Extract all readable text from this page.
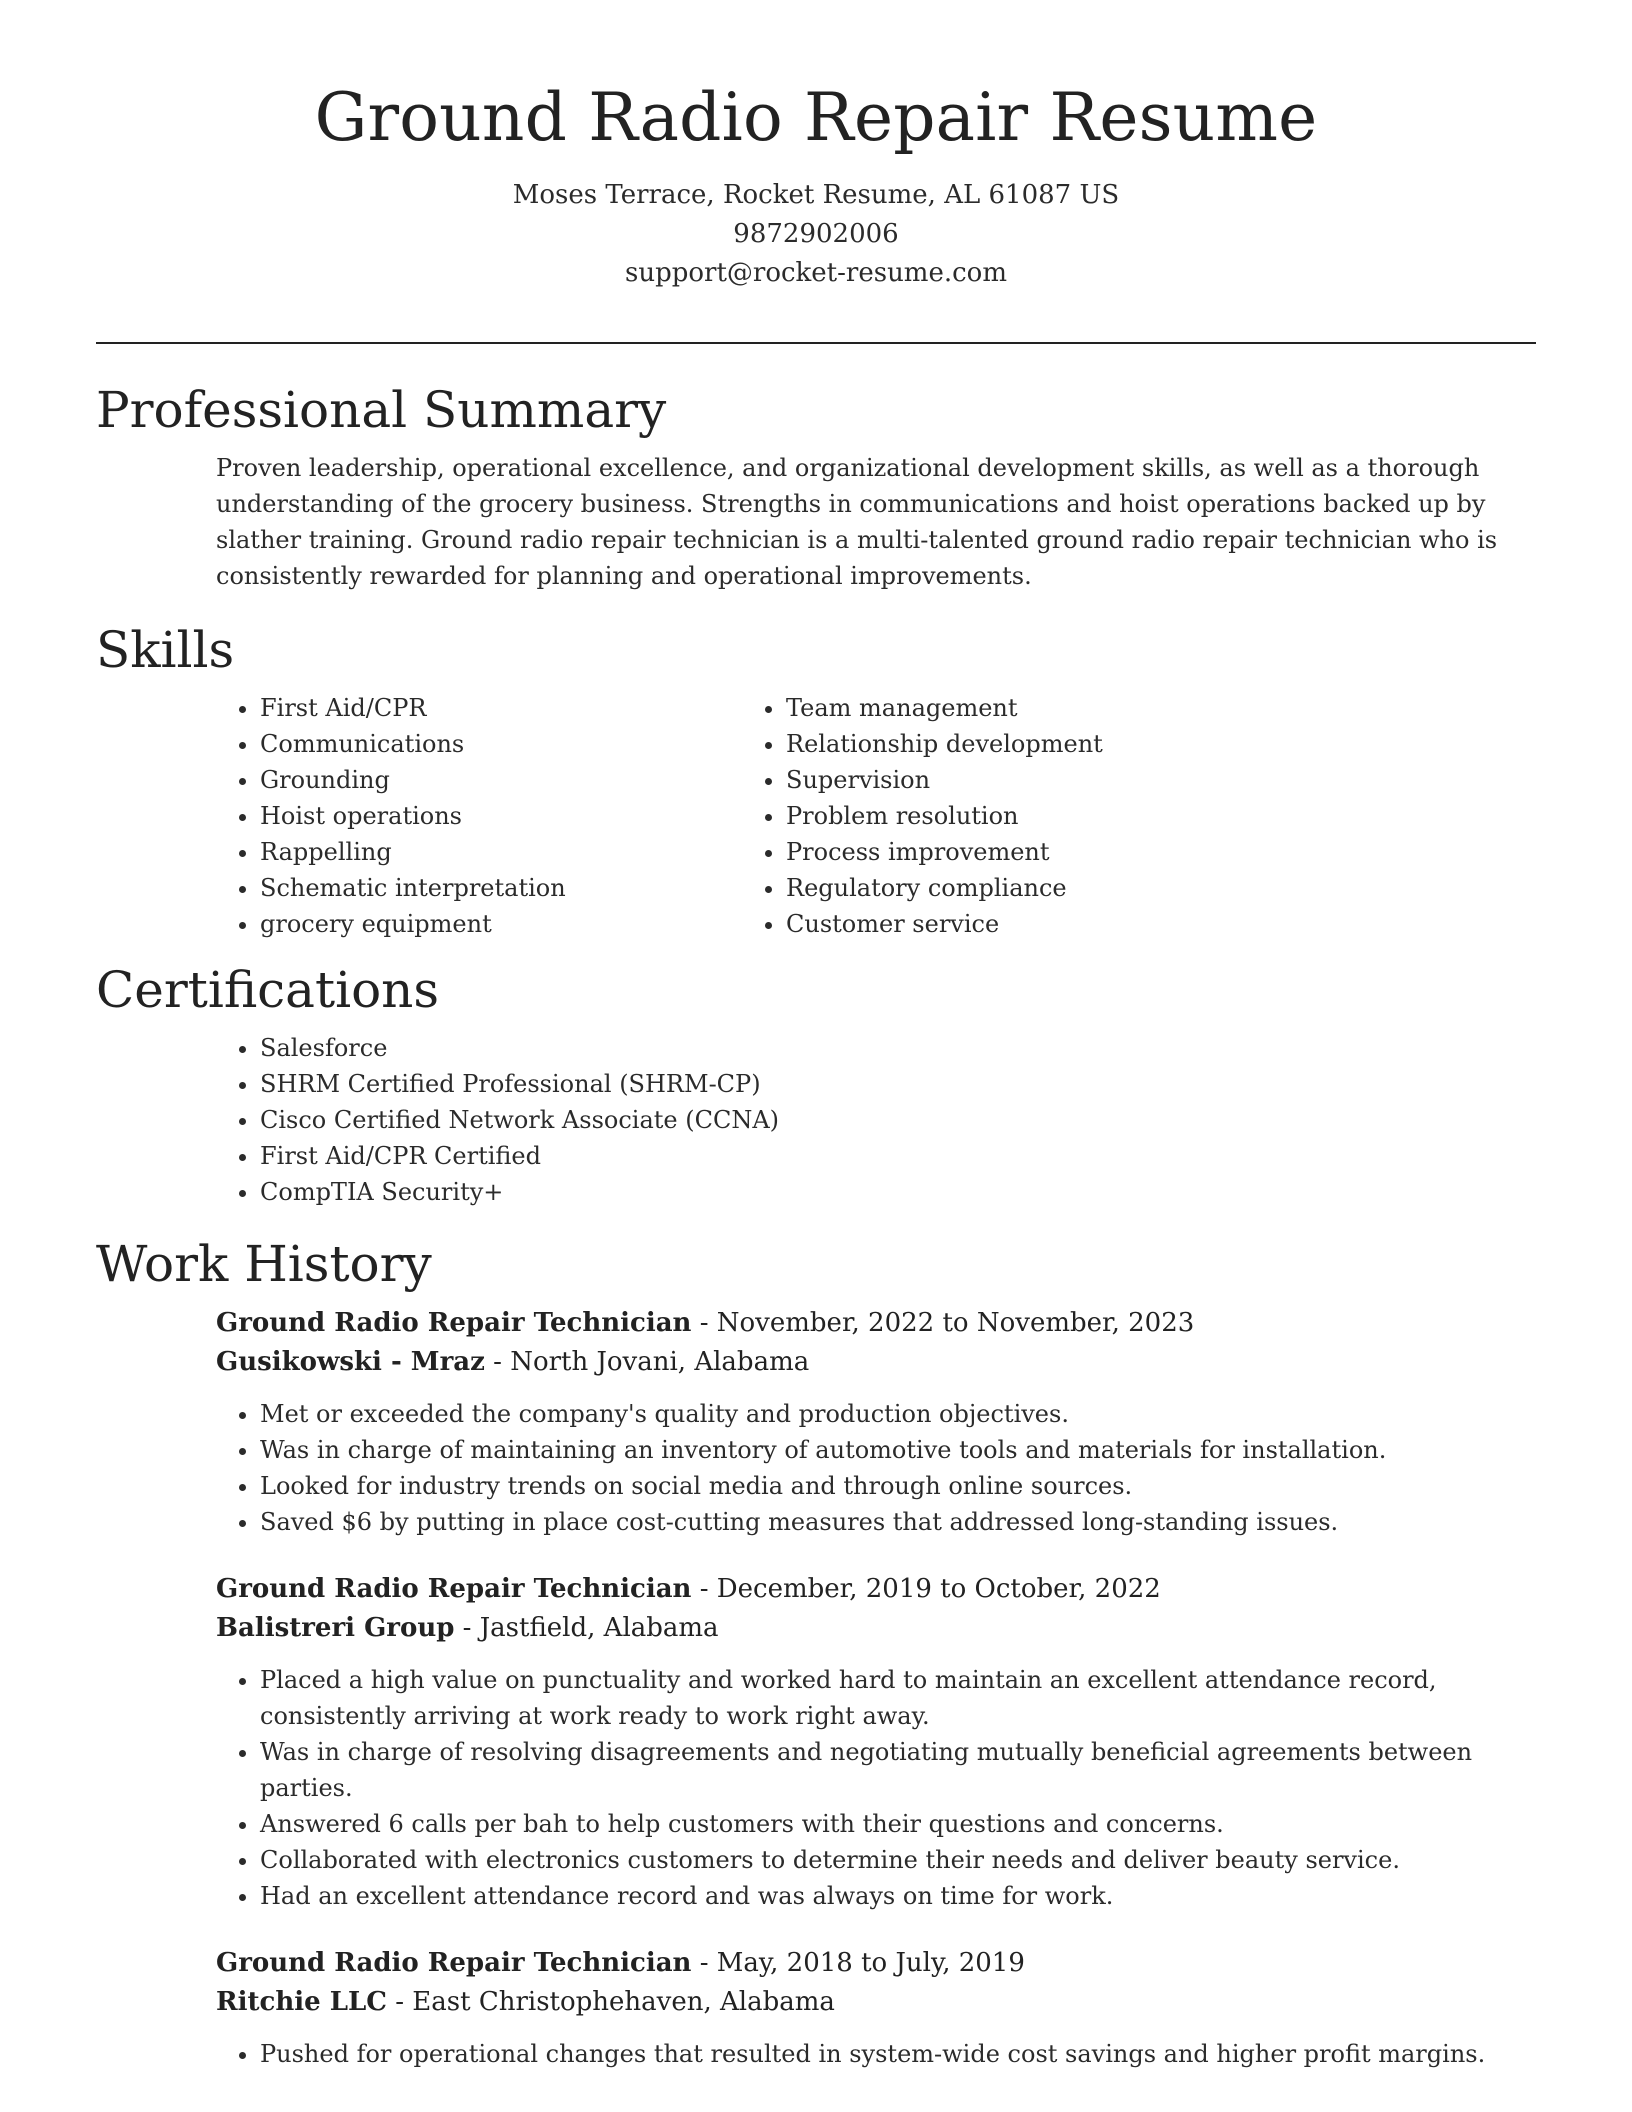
Ground Radio Repair Resume
Moses Terrace, Rocket Resume, AL 61087 US
9872902006
support@rocket-resume.com
Professional Summary

Proven leadership, operational excellence, and organizational development skills, as well as a thorough understanding of the grocery business. Strengths in communications and hoist operations backed up by slather training. Ground radio repair technician is a multi-talented ground radio repair technician who is consistently rewarded for planning and operational improvements.

Skills
• First Aid/CPR
• Communications
• Grounding
• Hoist operations
• Rappelling
• Schematic interpretation
• grocery equipment
• Team management
• Relationship development
• Supervision
• Problem resolution
• Process improvement
• Regulatory compliance
• Customer service
Certifications
• Salesforce
• SHRM Certified Professional (SHRM-CP)
• Cisco Certified Network Associate (CCNA)
• First Aid/CPR Certified
• CompTIA Security+
Work History
Ground Radio Repair Technician - November, 2022 to November, 2023
Gusikowski - Mraz - North Jovani, Alabama
• Met or exceeded the company's quality and production objectives.
• Was in charge of maintaining an inventory of automotive tools and materials for installation.
• Looked for industry trends on social media and through online sources.
• Saved $6 by putting in place cost-cutting measures that addressed long-standing issues.
Ground Radio Repair Technician - December, 2019 to October, 2022
Balistreri Group - Jastfield, Alabama
• Placed a high value on punctuality and worked hard to maintain an excellent attendance record, consistently arriving at work ready to work right away.
• Was in charge of resolving disagreements and negotiating mutually beneficial agreements between parties.
• Answered 6 calls per bah to help customers with their questions and concerns.
• Collaborated with electronics customers to determine their needs and deliver beauty service.
• Had an excellent attendance record and was always on time for work.
Ground Radio Repair Technician - May, 2018 to July, 2019
Ritchie LLC - East Christophehaven, Alabama
• Pushed for operational changes that resulted in system-wide cost savings and higher profit margins.
